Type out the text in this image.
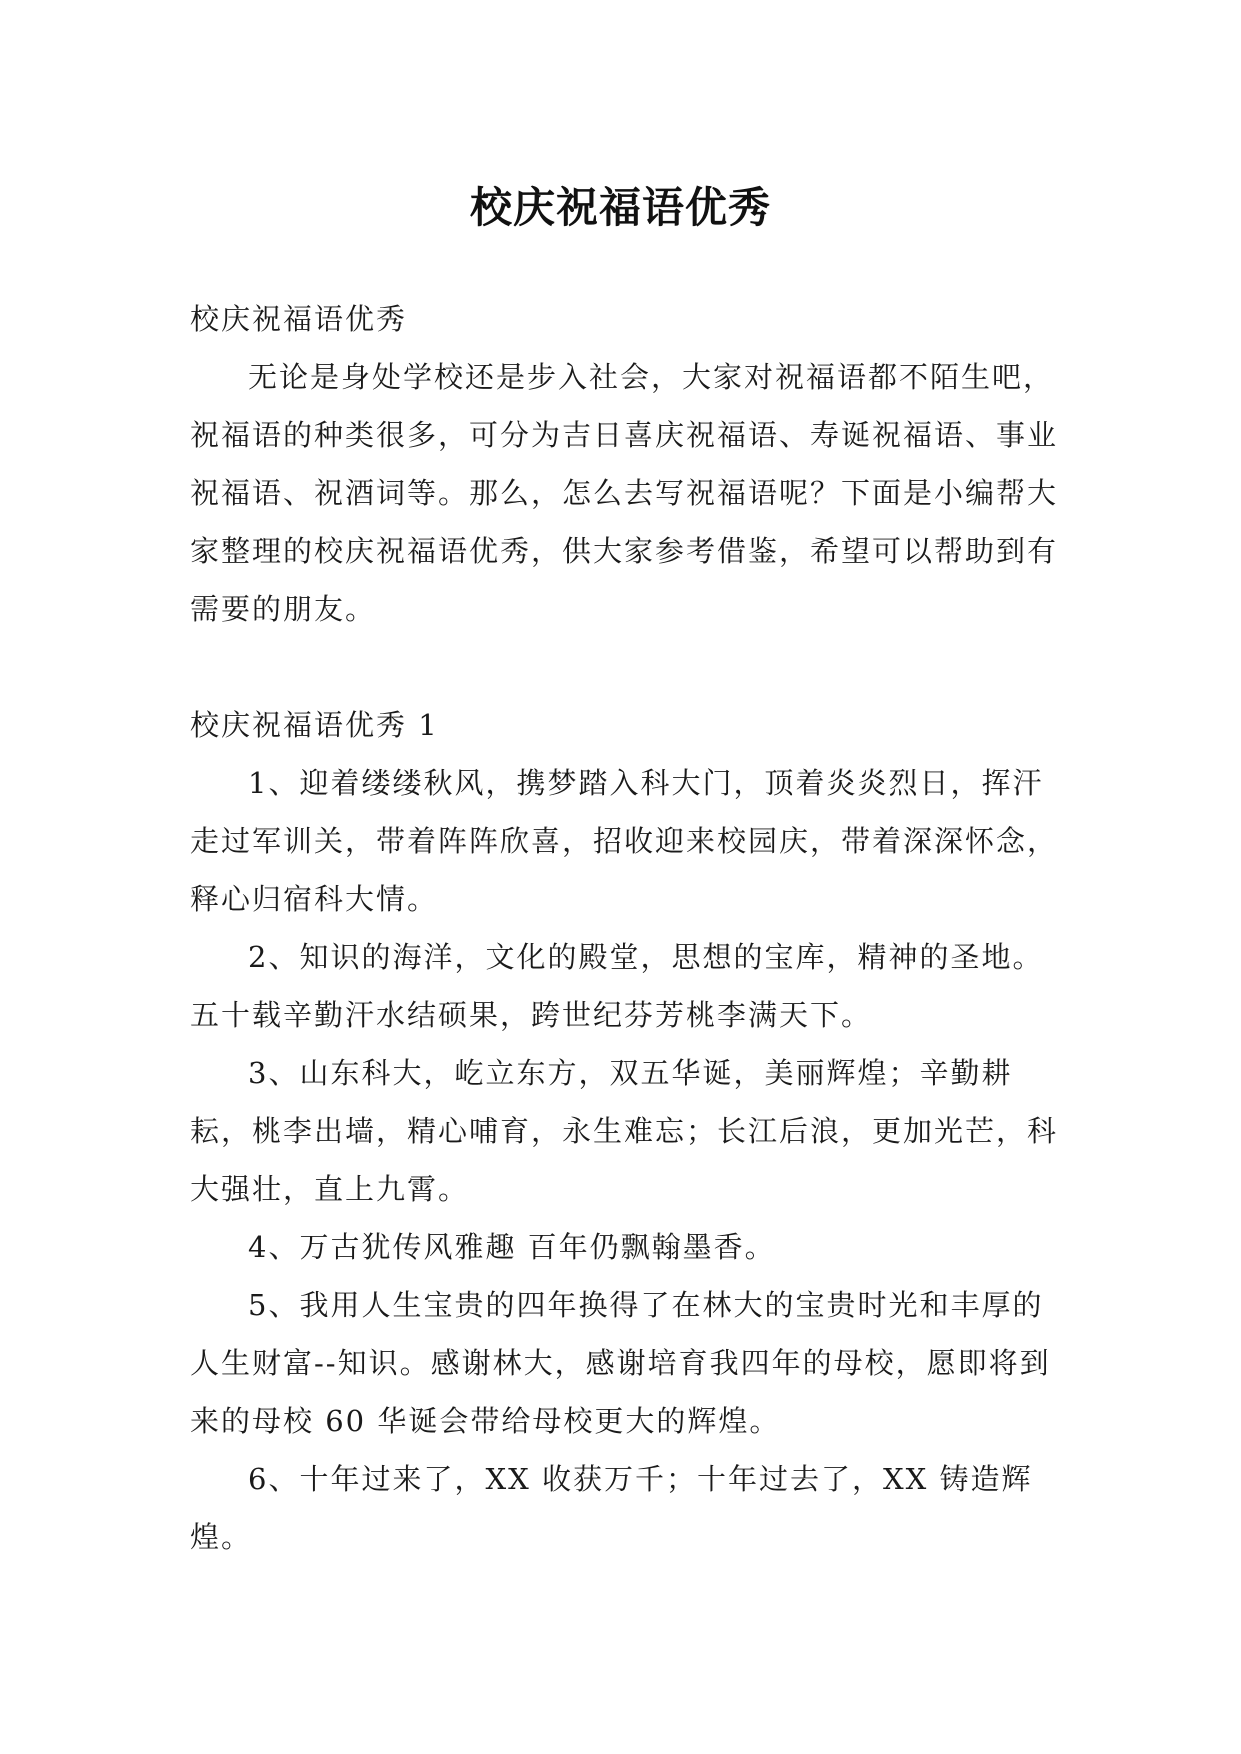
校庆祝福语优秀

校庆祝福语优秀

无论是身处学校还是步入社会，大家对祝福语都不陌生吧，祝福语的种类很多，可分为吉日喜庆祝福语、寿诞祝福语、事业祝福语、祝酒词等。那么，怎么去写祝福语呢？下面是小编帮大家整理的校庆祝福语优秀，供大家参考借鉴，希望可以帮助到有需要的朋友。

校庆祝福语优秀 1

1、迎着缕缕秋风，携梦踏入科大门，顶着炎炎烈日，挥汗走过军训关，带着阵阵欣喜，招收迎来校园庆，带着深深怀念，释心归宿科大情。

2、知识的海洋，文化的殿堂，思想的宝库，精神的圣地。五十载辛勤汗水结硕果，跨世纪芬芳桃李满天下。

3、山东科大，屹立东方，双五华诞，美丽辉煌；辛勤耕耘，桃李出墙，精心哺育，永生难忘；长江后浪，更加光芒，科大强壮，直上九霄。

4、万古犹传风雅趣 百年仍飘翰墨香。

5、我用人生宝贵的四年换得了在林大的宝贵时光和丰厚的人生财富--知识。感谢林大，感谢培育我四年的母校，愿即将到来的母校 60 华诞会带给母校更大的辉煌。

6、十年过来了，XX 收获万千；十年过去了，XX 铸造辉煌。
